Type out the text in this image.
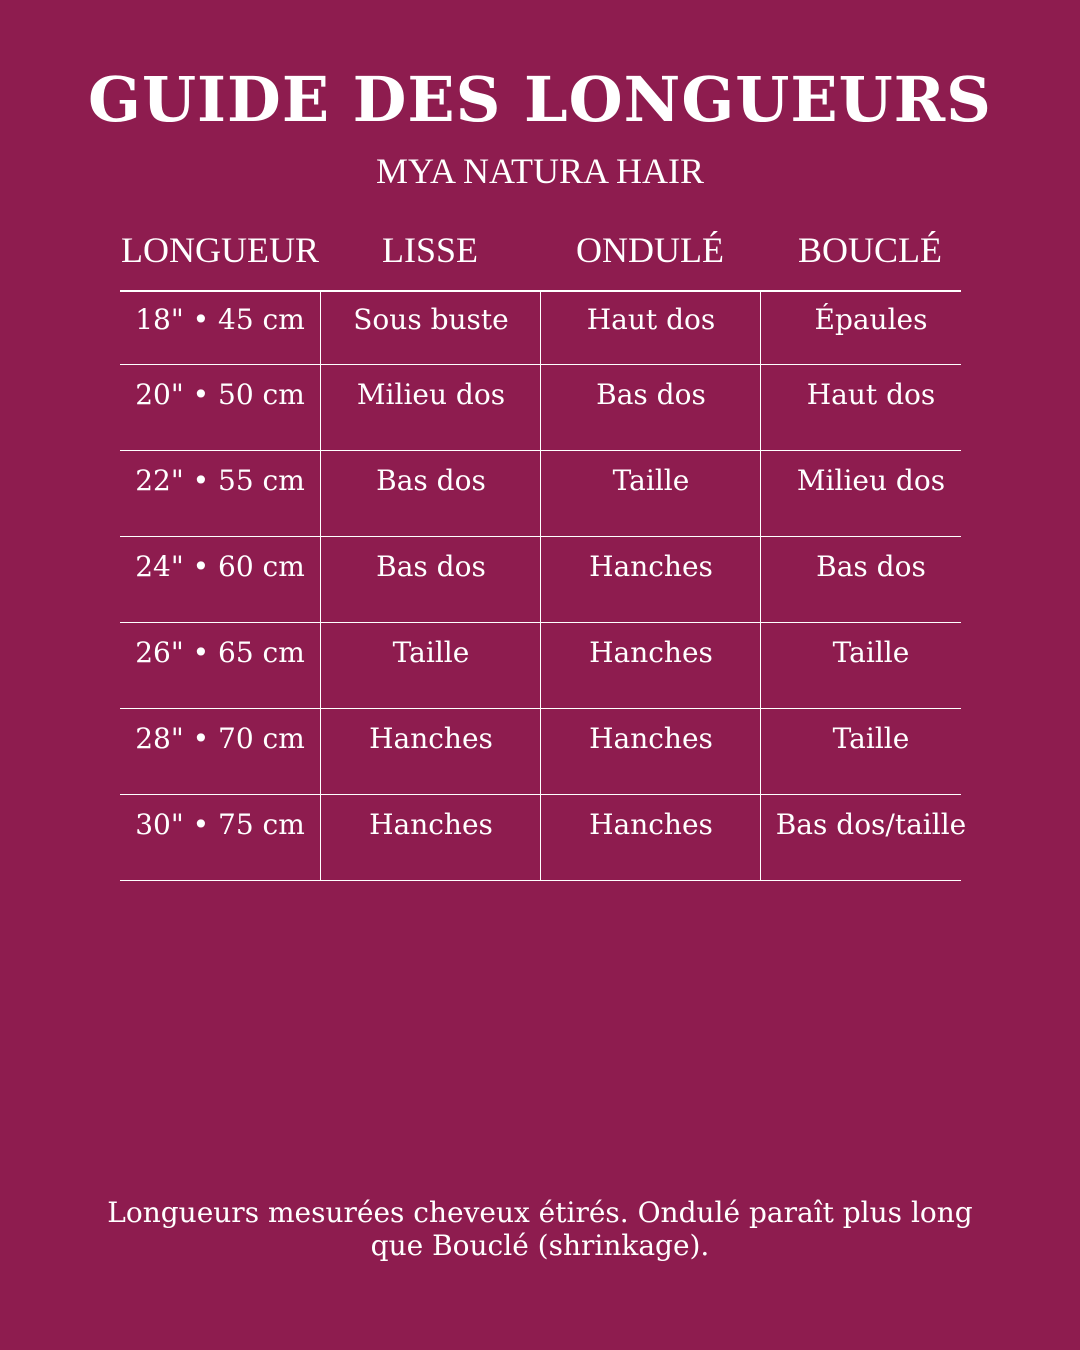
GUIDE DES LONGUEURS

MYA NATURA HAIR

LONGUEUR	LISSE	ONDULÉ	BOUCLÉ
18" • 45 cm	Sous buste	Haut dos	Épaules
20" • 50 cm	Milieu dos	Bas dos	Haut dos
22" • 55 cm	Bas dos	Taille	Milieu dos
24" • 60 cm	Bas dos	Hanches	Bas dos
26" • 65 cm	Taille	Hanches	Taille
28" • 70 cm	Hanches	Hanches	Taille
30" • 75 cm	Hanches	Hanches	Bas dos/taille

Longueurs mesurées cheveux étirés. Ondulé paraît plus long que Bouclé (shrinkage).
